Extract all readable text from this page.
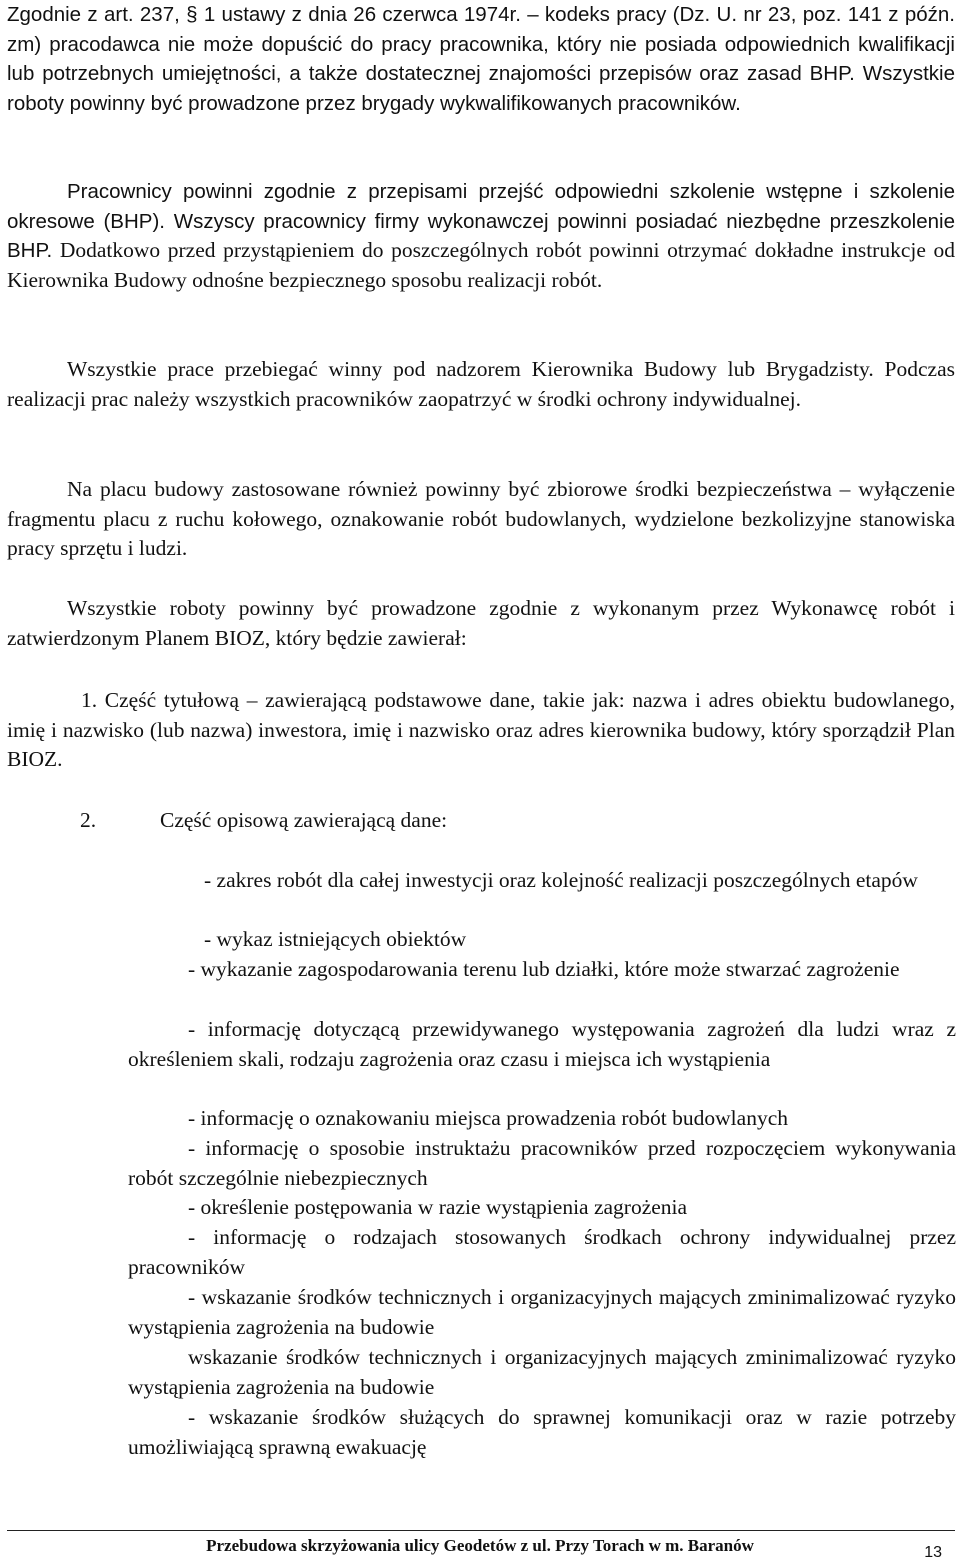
Zgodnie z art. 237, § 1 ustawy z dnia 26 czerwca 1974r. – kodeks pracy (Dz. U. nr 23, poz. 141 z późn. zm) pracodawca nie może dopuścić do pracy pracownika, który nie posiada odpowiednich kwalifikacji lub potrzebnych umiejętności, a także dostatecznej znajomości przepisów oraz zasad BHP. Wszystkie roboty powinny być prowadzone przez brygady wykwalifikowanych pracowników.

Pracownicy powinni zgodnie z przepisami przejść odpowiedni szkolenie wstępne i szkolenie okresowe (BHP). Wszyscy pracownicy firmy wykonawczej powinni posiadać niezbędne przeszkolenie BHP. Dodatkowo przed przystąpieniem do poszczególnych robót powinni otrzymać dokładne instrukcje od Kierownika Budowy odnośne bezpiecznego sposobu realizacji robót.

Wszystkie prace przebiegać winny pod nadzorem Kierownika Budowy lub Brygadzisty. Podczas realizacji prac należy wszystkich pracowników zaopatrzyć w środki ochrony indywidualnej.

Na placu budowy zastosowane również powinny być zbiorowe środki bezpieczeństwa – wyłączenie fragmentu placu z ruchu kołowego, oznakowanie robót budowlanych, wydzielone bezkolizyjne stanowiska pracy sprzętu i ludzi.

Wszystkie roboty powinny być prowadzone zgodnie z wykonanym przez Wykonawcę robót i zatwierdzonym Planem BIOZ, który będzie zawierał:

1. Część tytułową – zawierającą podstawowe dane, takie jak: nazwa i adres obiektu budowlanego, imię i nazwisko (lub nazwa) inwestora, imię i nazwisko oraz adres kierownika budowy, który sporządził Plan BIOZ.

2.	Część opisową zawierającą dane:

- zakres robót dla całej inwestycji oraz kolejność realizacji poszczególnych etapów

- wykaz istniejących obiektów

- wykazanie zagospodarowania terenu lub działki, które może stwarzać zagrożenie

- informację dotyczącą przewidywanego występowania zagrożeń dla ludzi wraz z określeniem skali, rodzaju zagrożenia oraz czasu i miejsca ich wystąpienia

- informację o oznakowaniu miejsca prowadzenia robót budowlanych

- informację o sposobie instruktażu pracowników przed rozpoczęciem wykonywania robót szczególnie niebezpiecznych

- określenie postępowania w razie wystąpienia zagrożenia

- informację o rodzajach stosowanych środkach ochrony indywidualnej przez pracowników

- wskazanie środków technicznych i organizacyjnych mających zminimalizować ryzyko wystąpienia zagrożenia na budowie

wskazanie środków technicznych i organizacyjnych mających zminimalizować ryzyko wystąpienia zagrożenia na budowie

- wskazanie środków służących do sprawnej komunikacji oraz w razie potrzeby umożliwiającą sprawną ewakuację

Przebudowa skrzyżowania ulicy Geodetów z ul. Przy Torach w m. Baranów	13
